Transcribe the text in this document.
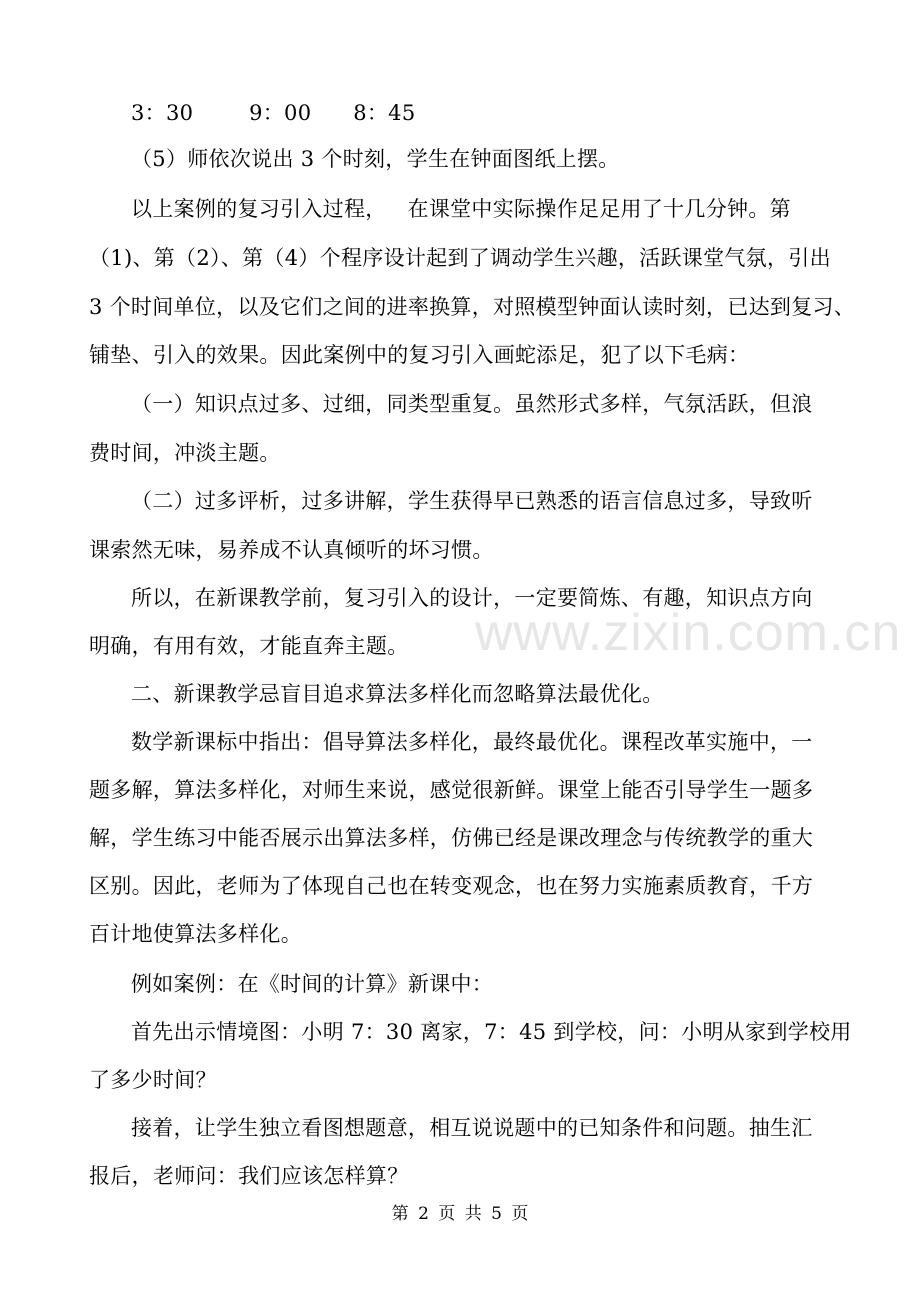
www.zixin.com.cn
3：30        9：00      8：45
（5）师依次说出 3 个时刻，学生在钟面图纸上摆。
以上案例的复习引入过程，   在课堂中实际操作足足用了十几分钟。第
（1)、第（2）、第（4）个程序设计起到了调动学生兴趣，活跃课堂气氛，引出
3 个时间单位，以及它们之间的进率换算，对照模型钟面认读时刻，已达到复习、
铺垫、引入的效果。因此案例中的复习引入画蛇添足，犯了以下毛病：
（一）知识点过多、过细，同类型重复。虽然形式多样，气氛活跃，但浪
费时间，冲淡主题。
（二）过多评析，过多讲解，学生获得早已熟悉的语言信息过多，导致听
课索然无味，易养成不认真倾听的坏习惯。
所以，在新课教学前，复习引入的设计，一定要简炼、有趣，知识点方向
明确，有用有效，才能直奔主题。
二、新课教学忌盲目追求算法多样化而忽略算法最优化。
数学新课标中指出：倡导算法多样化，最终最优化。课程改革实施中，一
题多解，算法多样化，对师生来说，感觉很新鲜。课堂上能否引导学生一题多
解，学生练习中能否展示出算法多样，仿佛已经是课改理念与传统教学的重大
区别。因此，老师为了体现自己也在转变观念，也在努力实施素质教育，千方
百计地使算法多样化。
例如案例：在《时间的计算》新课中：
首先出示情境图：小明 7：30 离家，7：45 到学校，问：小明从家到学校用
了多少时间？
接着，让学生独立看图想题意，相互说说题中的已知条件和问题。抽生汇
报后，老师问：我们应该怎样算？
第 2 页 共 5 页
